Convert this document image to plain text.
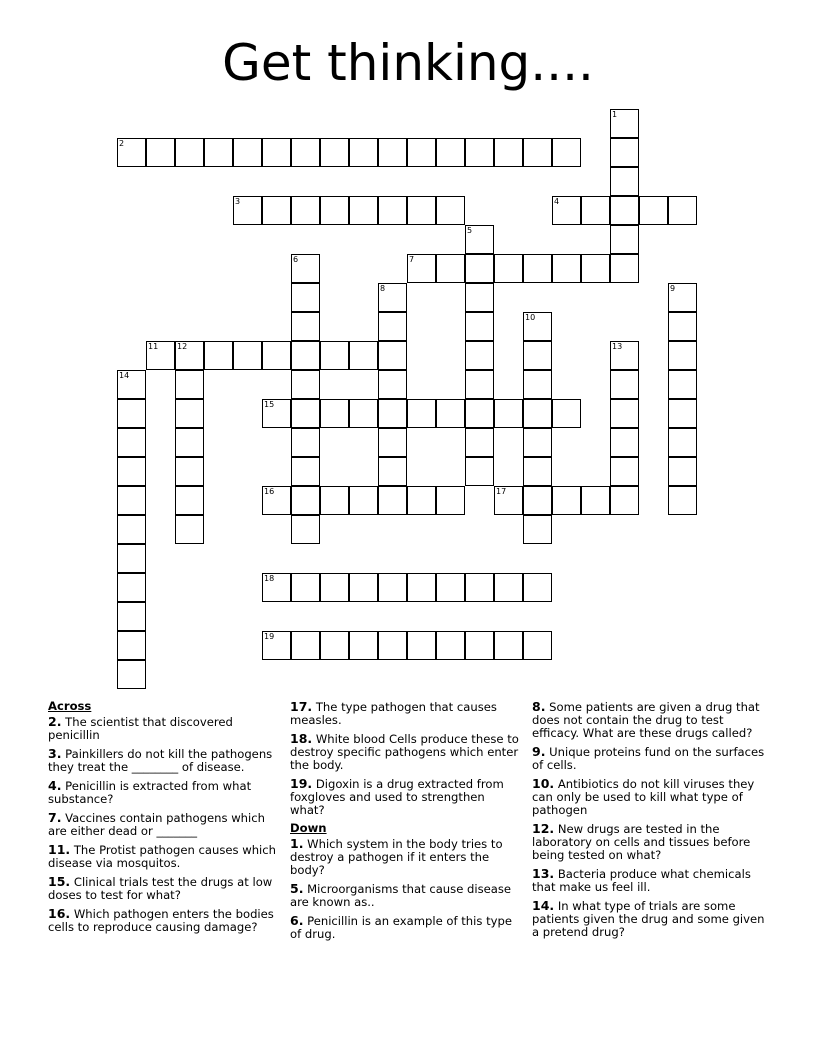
Get thinking....
1
2
3	4
5
6	7
8	9
10
11 12	13
14
15
16	17
18
19
Across
2. The scientist that discovered penicillin
3. Painkillers do not kill the pathogens they treat the ________ of disease.
4. Penicillin is extracted from what substance?
7. Vaccines contain pathogens which are either dead or _______
11. The Protist pathogen causes which disease via mosquitos.
15. Clinical trials test the drugs at low doses to test for what?
16. Which pathogen enters the bodies cells to reproduce causing damage?
17. The type pathogen that causes measles.
18. White blood Cells produce these to destroy specific pathogens which enter the body.
19. Digoxin is a drug extracted from foxgloves and used to strengthen what?
Down
1. Which system in the body tries to destroy a pathogen if it enters the body?
5. Microorganisms that cause disease are known as..
6. Penicillin is an example of this type of drug.
8. Some patients are given a drug that does not contain the drug to test efficacy. What are these drugs called?
9. Unique proteins fund on the surfaces of cells.
10. Antibiotics do not kill viruses they can only be used to kill what type of pathogen
12. New drugs are tested in the laboratory on cells and tissues before being tested on what?
13. Bacteria produce what chemicals that make us feel ill.
14. In what type of trials are some patients given the drug and some given a pretend drug?
